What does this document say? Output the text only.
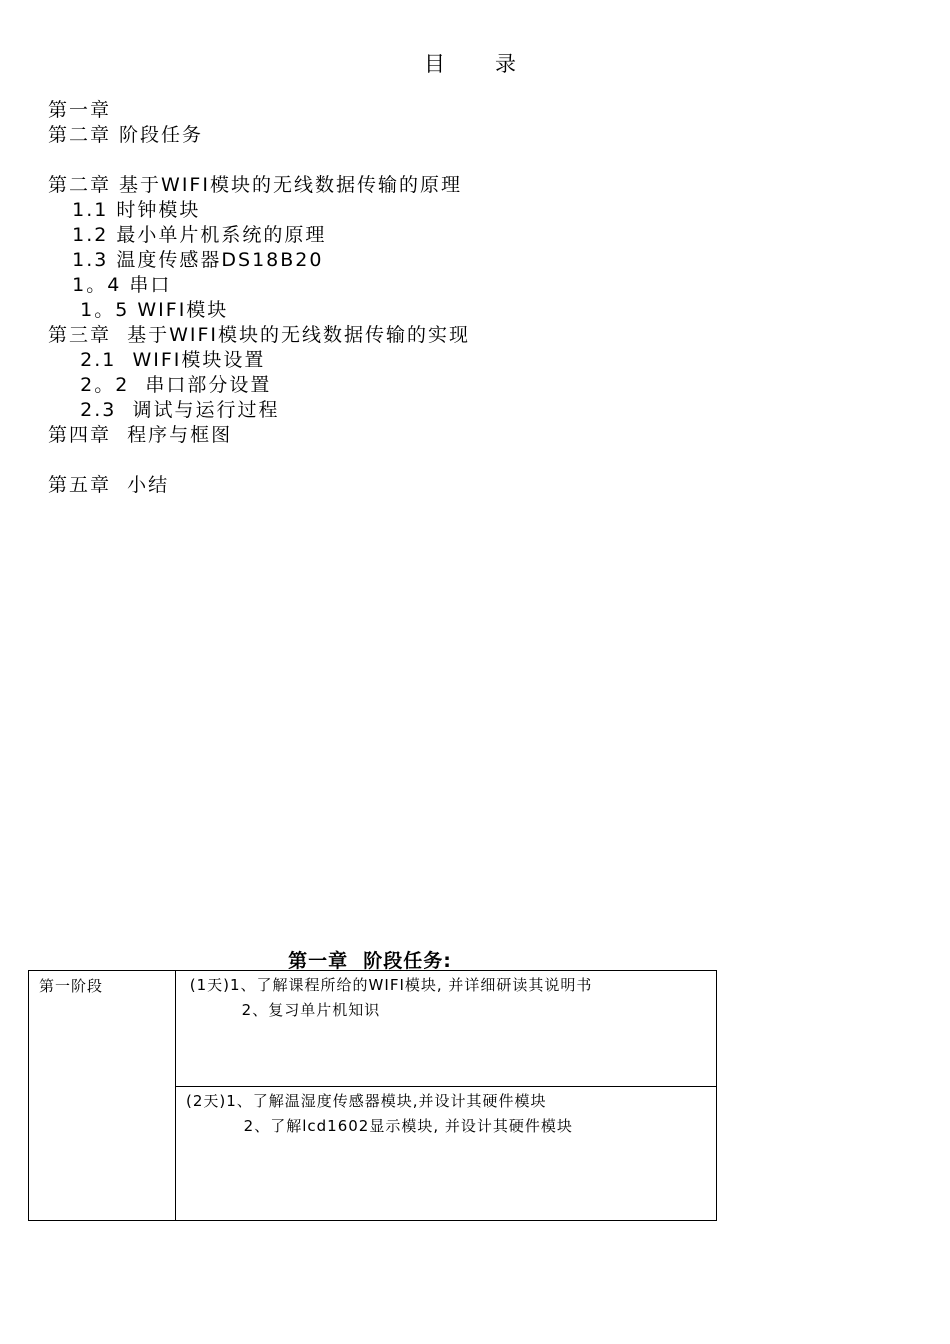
目录
第一章
第二章 阶段任务
第二章 基于WIFI模块的无线数据传输的原理
1.1 时钟模块
1.2 最小单片机系统的原理
1.3 温度传感器DS18B20
1。4 串口
1。5 WIFI模块
第三章  基于WIFI模块的无线数据传输的实现
2.1  WIFI模块设置
2。2  串口部分设置
2.3  调试与运行过程
第四章  程序与框图
第五章  小结
第一章  阶段任务:
第一阶段	(1天)1、了解课程所给的WIFI模块, 并详细研读其说明书
2、复习单片机知识

(2天)1、了解温湿度传感器模块,并设计其硬件模块
2、了解lcd1602显示模块, 并设计其硬件模块
